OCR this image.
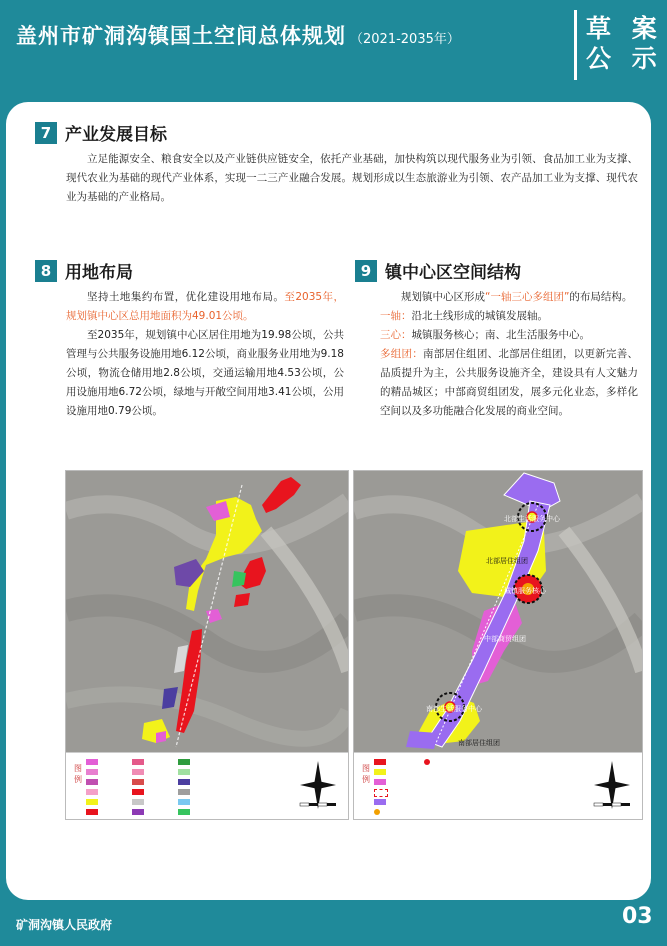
盖州市矿洞沟镇国土空间总体规划 （2021-2035年）	草 案
公 示
7 产业发展目标

立足能源安全、粮食安全以及产业链供应链安全，依托产业基础，加快构筑以现代服务业为引领、食品加工业为支撑、现代农业为基础的现代产业体系，实现一二三产业融合发展。规划形成以生态旅游业为引领、农产品加工业为支撑、现代农业为基础的产业格局。

8 用地布局

坚持土地集约布置，优化建设用地布局。至2035年，规划镇中心区总用地面积为49.01公顷。

至2035年，规划镇中心区居住用地为19.98公顷，公共管理与公共服务设施用地6.12公顷，商业服务业用地为9.18公顷，物流仓储用地2.8公顷，交通运输用地4.53公顷，公用设施用地6.72公顷，绿地与开敞空间用地3.41公顷，公用设施用地0.79公顷。

9 镇中心区空间结构

规划镇中心区形成“一轴三心多组团”的布局结构。

一轴：沿北土线形成的城镇发展轴。

三心：城镇服务核心；南、北生活服务中心。

多组团：南部居住组团、北部居住组团，以更新完善、品质提升为主，公共服务设施齐全，建设具有人文魅力的精品城区；中部商贸组团发，展多元化业态，多样化空间以及多功能融合化发展的商业空间。

图例
北部生活服务中心
北部居住组团
城镇服务核心
中部商贸组团
南部生活服务中心
南部居住组团
图例
矿洞沟镇人民政府	03
